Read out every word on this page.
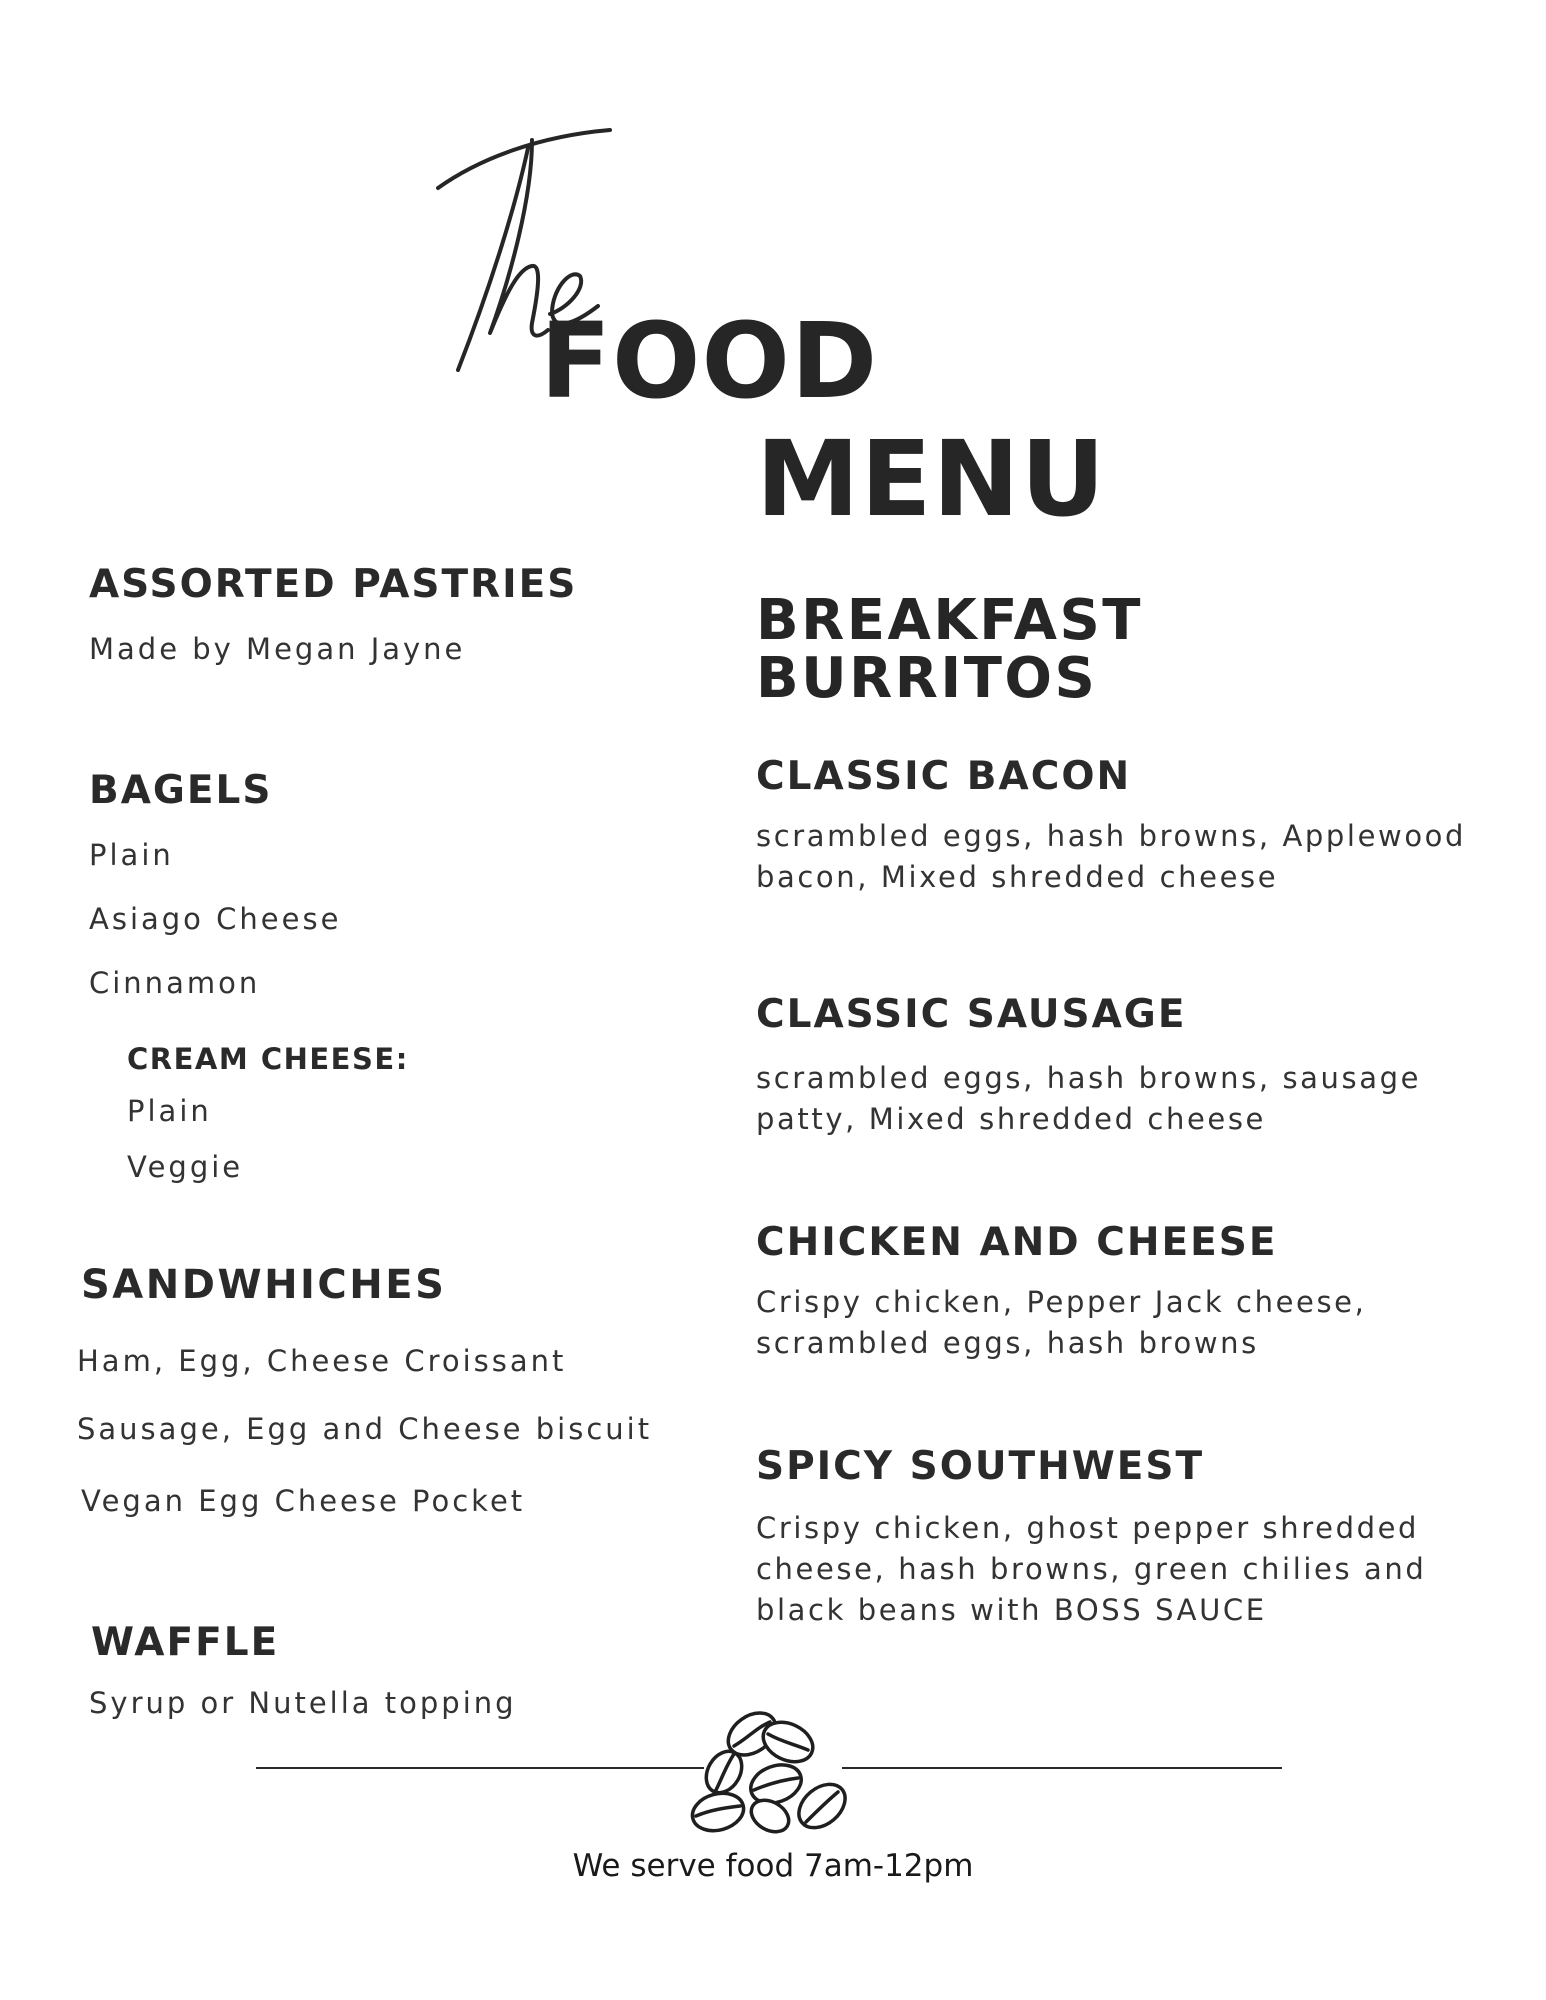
FOOD
MENU
ASSORTED PASTRIES
Made by Megan Jayne
BAGELS
Plain
Asiago Cheese
Cinnamon
CREAM CHEESE:
Plain
Veggie
SANDWHICHES
Ham, Egg, Cheese Croissant
Sausage, Egg and Cheese biscuit
Vegan Egg Cheese Pocket
WAFFLE
Syrup or Nutella topping
BREAKFAST BURRITOS
CLASSIC BACON
scrambled eggs, hash browns, Applewood bacon, Mixed shredded cheese
CLASSIC SAUSAGE
scrambled eggs, hash browns, sausage patty, Mixed shredded cheese
CHICKEN AND CHEESE
Crispy chicken, Pepper Jack cheese, scrambled eggs, hash browns
SPICY SOUTHWEST
Crispy chicken, ghost pepper shredded cheese, hash browns, green chilies and black beans with BOSS SAUCE
We serve food 7am-12pm
